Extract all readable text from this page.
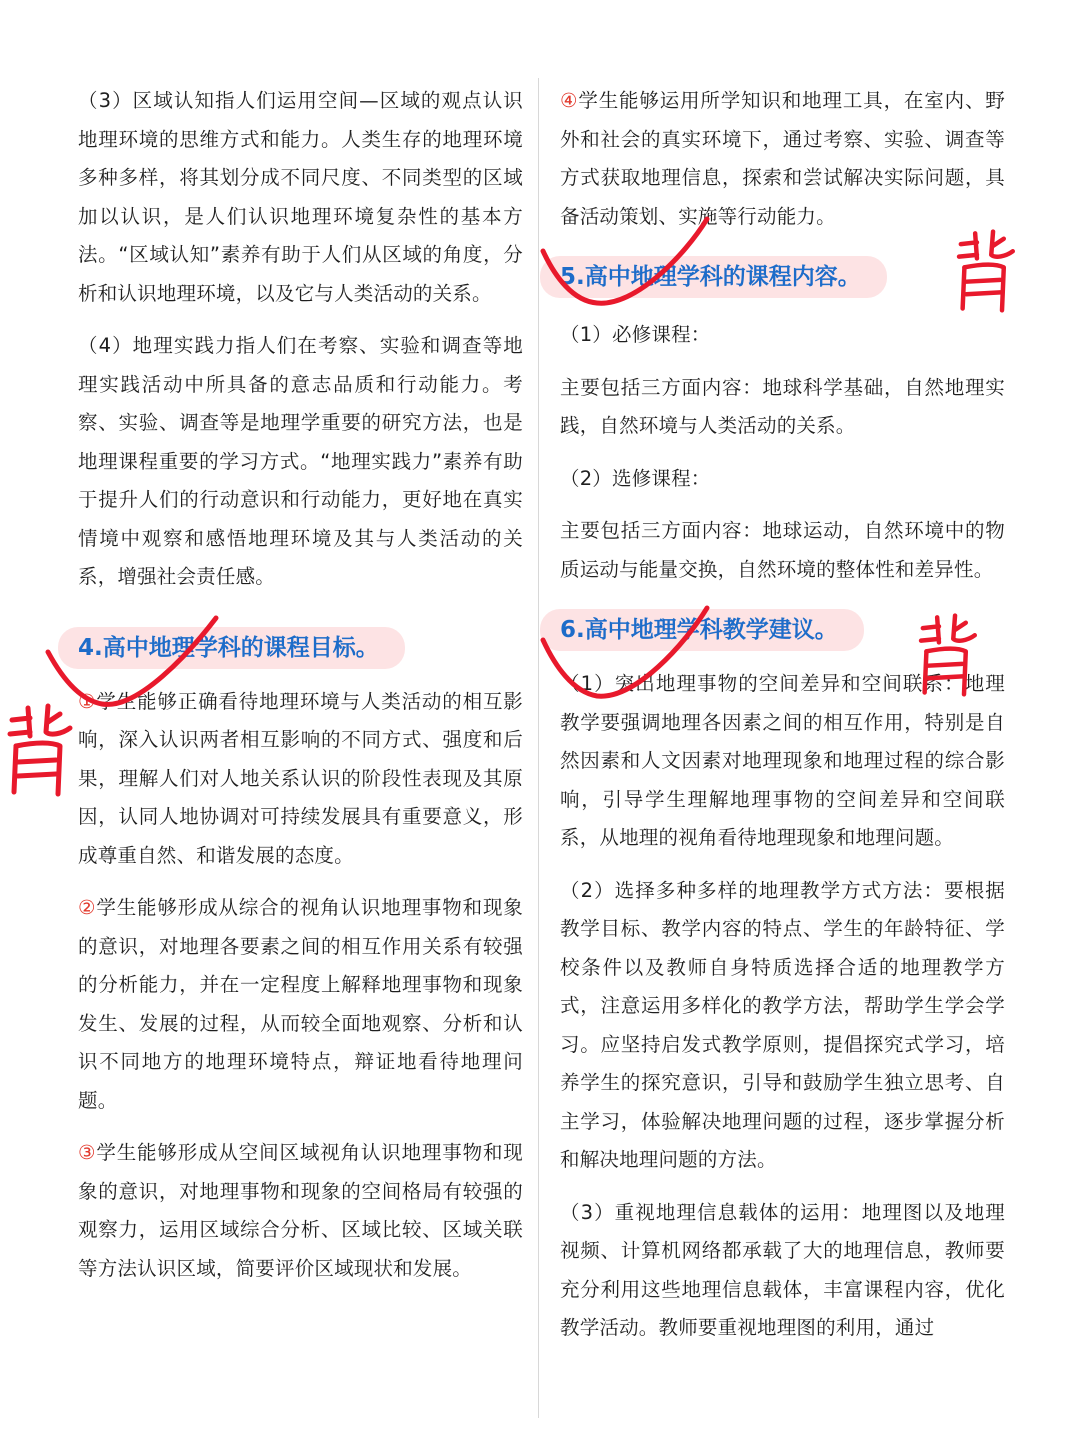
（3）区域认知指人们运用空间—区域的观点认识地理环境的思维方式和能力。人类生存的地理环境多种多样，将其划分成不同尺度、不同类型的区域加以认识，是人们认识地理环境复杂性的基本方法。“区域认知”素养有助于人们从区域的角度，分析和认识地理环境，以及它与人类活动的关系。

（4）地理实践力指人们在考察、实验和调查等地理实践活动中所具备的意志品质和行动能力。考察、实验、调查等是地理学重要的研究方法，也是地理课程重要的学习方式。“地理实践力”素养有助于提升人们的行动意识和行动能力，更好地在真实情境中观察和感悟地理环境及其与人类活动的关系，增强社会责任感。

4.高中地理学科的课程目标。

①学生能够正确看待地理环境与人类活动的相互影响，深入认识两者相互影响的不同方式、强度和后果，理解人们对人地关系认识的阶段性表现及其原因，认同人地协调对可持续发展具有重要意义，形成尊重自然、和谐发展的态度。

②学生能够形成从综合的视角认识地理事物和现象的意识，对地理各要素之间的相互作用关系有较强的分析能力，并在一定程度上解释地理事物和现象发生、发展的过程，从而较全面地观察、分析和认识不同地方的地理环境特点，辩证地看待地理问题。

③学生能够形成从空间区域视角认识地理事物和现象的意识，对地理事物和现象的空间格局有较强的观察力，运用区域综合分析、区域比较、区域关联等方法认识区域，简要评价区域现状和发展。

④学生能够运用所学知识和地理工具，在室内、野外和社会的真实环境下，通过考察、实验、调查等方式获取地理信息，探索和尝试解决实际问题，具备活动策划、实施等行动能力。

5.高中地理学科的课程内容。

（1）必修课程：

主要包括三方面内容：地球科学基础，自然地理实践，自然环境与人类活动的关系。

（2）选修课程：

主要包括三方面内容：地球运动，自然环境中的物质运动与能量交换，自然环境的整体性和差异性。

6.高中地理学科教学建议。

（1）突出地理事物的空间差异和空间联系：地理教学要强调地理各因素之间的相互作用，特别是自然因素和人文因素对地理现象和地理过程的综合影响，引导学生理解地理事物的空间差异和空间联系，从地理的视角看待地理现象和地理问题。

（2）选择多种多样的地理教学方式方法：要根据教学目标、教学内容的特点、学生的年龄特征、学校条件以及教师自身特质选择合适的地理教学方式，注意运用多样化的教学方法，帮助学生学会学习。应坚持启发式教学原则，提倡探究式学习，培养学生的探究意识，引导和鼓励学生独立思考、自主学习，体验解决地理问题的过程，逐步掌握分析和解决地理问题的方法。

（3）重视地理信息载体的运用：地理图以及地理视频、计算机网络都承载了大的地理信息，教师要充分利用这些地理信息载体，丰富课程内容，优化教学活动。教师要重视地理图的利用，通过
